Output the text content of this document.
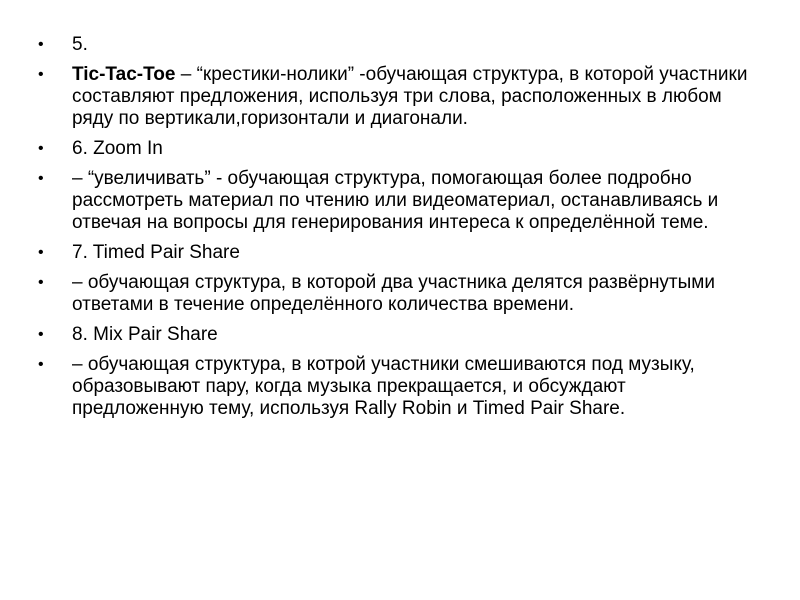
•	5.
•	Tic-Tac-Toe – “крестики-нолики” -обучающая структура, в которой участники составляют предложения, используя три слова, расположенных в любом ряду по вертикали,горизонтали и диагонали.
•	6. Zoom In
•	– “увеличивать” - обучающая структура, помогающая более подробно рассмотреть материал по чтению или видеоматериал, останавливаясь и отвечая на вопросы для генерирования интереса к определённой теме.
•	7. Timed Pair Share
•	– обучающая структура, в которой два участника делятся развёрнутыми ответами в течение определённого количества времени.
•	8. Mix Pair Share
•	– обучающая структура, в котрой участники смешиваются под музыку, образовывают пару, когда музыка прекращается, и обсуждают предложенную тему, используя Rally Robin и Timed Pair Share.
